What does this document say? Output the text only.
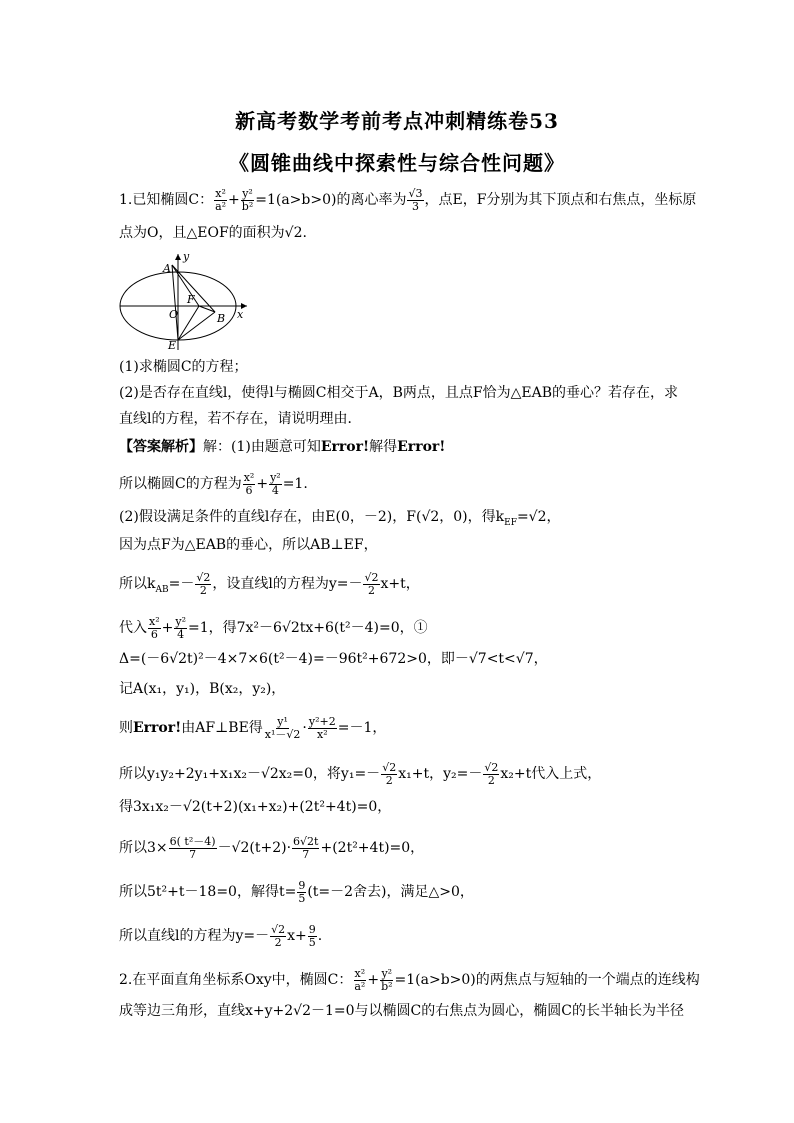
新高考数学考前考点冲刺精练卷53
《圆锥曲线中探索性与综合性问题》
1.已知椭圆C： $\frac{\text{x²}}{\text{a²}} + \frac{\text{y²}}{\text{b²}} =1(a>b>0)$的离心率为 $\frac{√3}{3}$ ，点E，F分别为其下顶点和右焦点，坐标原
点为O，且△EOF的面积为√2.
y
x
A
F
O	B
E
(1)求椭圆C的方程；
(2)是否存在直线l，使得l与椭圆C相交于A，B两点，且点F恰为△EAB的垂心？若存在，求
直线l的方程，若不存在，请说明理由．
【答案解析】解：(1)由题意可知Error!解得Error!
所以椭圆C的方程为 $\frac{\text{x²}}{6} + \frac{\text{y²}}{4} =1$.
(2)假设满足条件的直线l存在，由E(0，－2)，F(√2，0)，得$k_{EF}=√2$，
因为点F为△EAB的垂心，所以AB⊥EF，
所以$k_{AB}=- \frac{√2}{2}$ ，设直线l的方程为$y=- \frac{√2}{2} x+t$，
代入 $\frac{\text{x²}}{6} + \frac{\text{y²}}{4} =1$，得7x²－6√2tx+6(t²－4)=0，①
Δ=(－6√2t)²－4×7×6(t²－4)=－96t²+672>0，即－√7<t<√7，
记A(x₁，y₁)，B(x₂，y₂)，
则Error!由AF⊥BE得 $\frac{\text{y¹}}{\text{x¹－√2}} \cdot \frac{\text{y²+2}}{\text{x²}} =-1$，
所以y₁y₂+2y₁+x₁x₂－√2x₂=0，将$y_1=- \frac{√2}{2} x_1+t$，$y_2=- \frac{√2}{2} x_2+t$代入上式，
得3x₁x₂－√2(t+2)(x₁+x₂)+(2t²+4t)=0，
所以$3\times \frac{\text{6( t²－4)}}{7} -√2(t+2)\cdot \frac{6√2t}{7} +(2t^2+4t)=0$，
所以5t²+t－18=0，解得$t= \frac{9}{5} (t=-2$舍去)，满足△>0，
所以直线l的方程为$y=- \frac{√2}{2} x+ \frac{9}{5}$ .
2.在平面直角坐标系Oxy中，椭圆C： $\frac{\text{x²}}{\text{a²}} + \frac{\text{y²}}{\text{b²}} =1(a>b>0)$的两焦点与短轴的一个端点的连线构
成等边三角形，直线x+y+2√2－1=0与以椭圆C的右焦点为圆心，椭圆C的长半轴长为半径
